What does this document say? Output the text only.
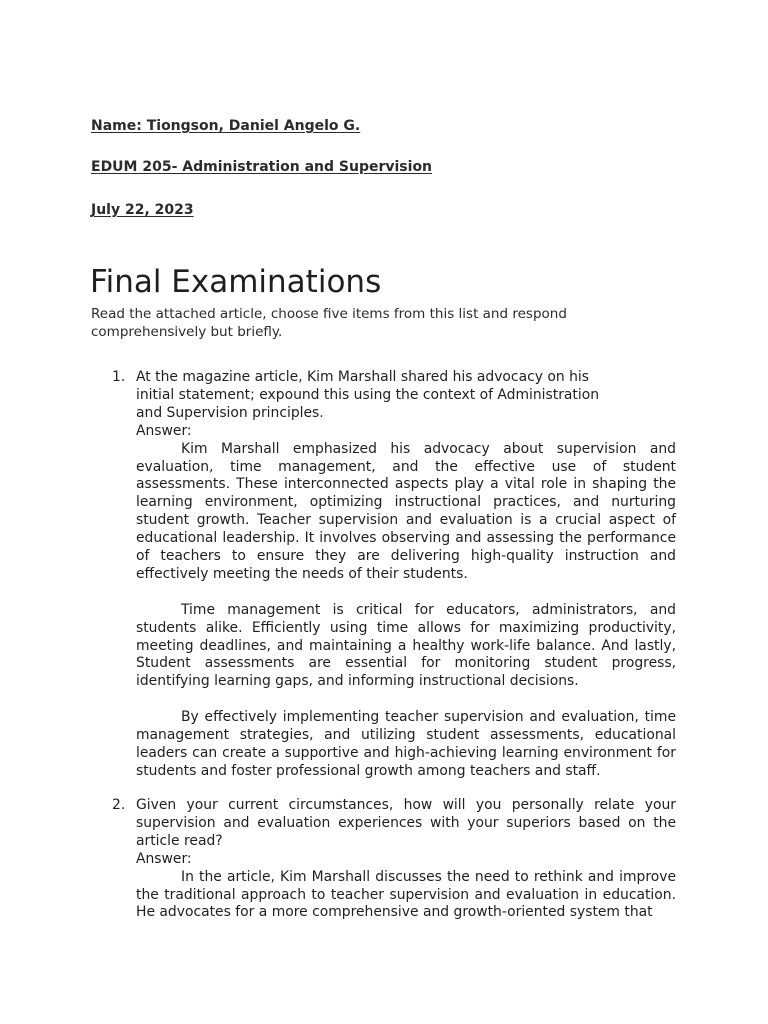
Name: Tiongson, Daniel Angelo G.
EDUM 205- Administration and Supervision
July 22, 2023
Final Examinations
Read the attached article, choose five items from this list and respond comprehensively but briefly.
1. At the magazine article, Kim Marshall shared his advocacy on his initial statement; expound this using the context of Administration and Supervision principles.
Answer:
Kim Marshall emphasized his advocacy about supervision and evaluation, time management, and the effective use of student assessments. These interconnected aspects play a vital role in shaping the learning environment, optimizing instructional practices, and nurturing student growth. Teacher supervision and evaluation is a crucial aspect of educational leadership. It involves observing and assessing the performance of teachers to ensure they are delivering high-quality instruction and effectively meeting the needs of their students.
Time management is critical for educators, administrators, and students alike. Efficiently using time allows for maximizing productivity, meeting deadlines, and maintaining a healthy work-life balance. And lastly, Student assessments are essential for monitoring student progress, identifying learning gaps, and informing instructional decisions.
By effectively implementing teacher supervision and evaluation, time management strategies, and utilizing student assessments, educational leaders can create a supportive and high-achieving learning environment for students and foster professional growth among teachers and staff.
2. Given your current circumstances, how will you personally relate your supervision and evaluation experiences with your superiors based on the article read?
Answer:
In the article, Kim Marshall discusses the need to rethink and improve the traditional approach to teacher supervision and evaluation in education. He advocates for a more comprehensive and growth-oriented system that
